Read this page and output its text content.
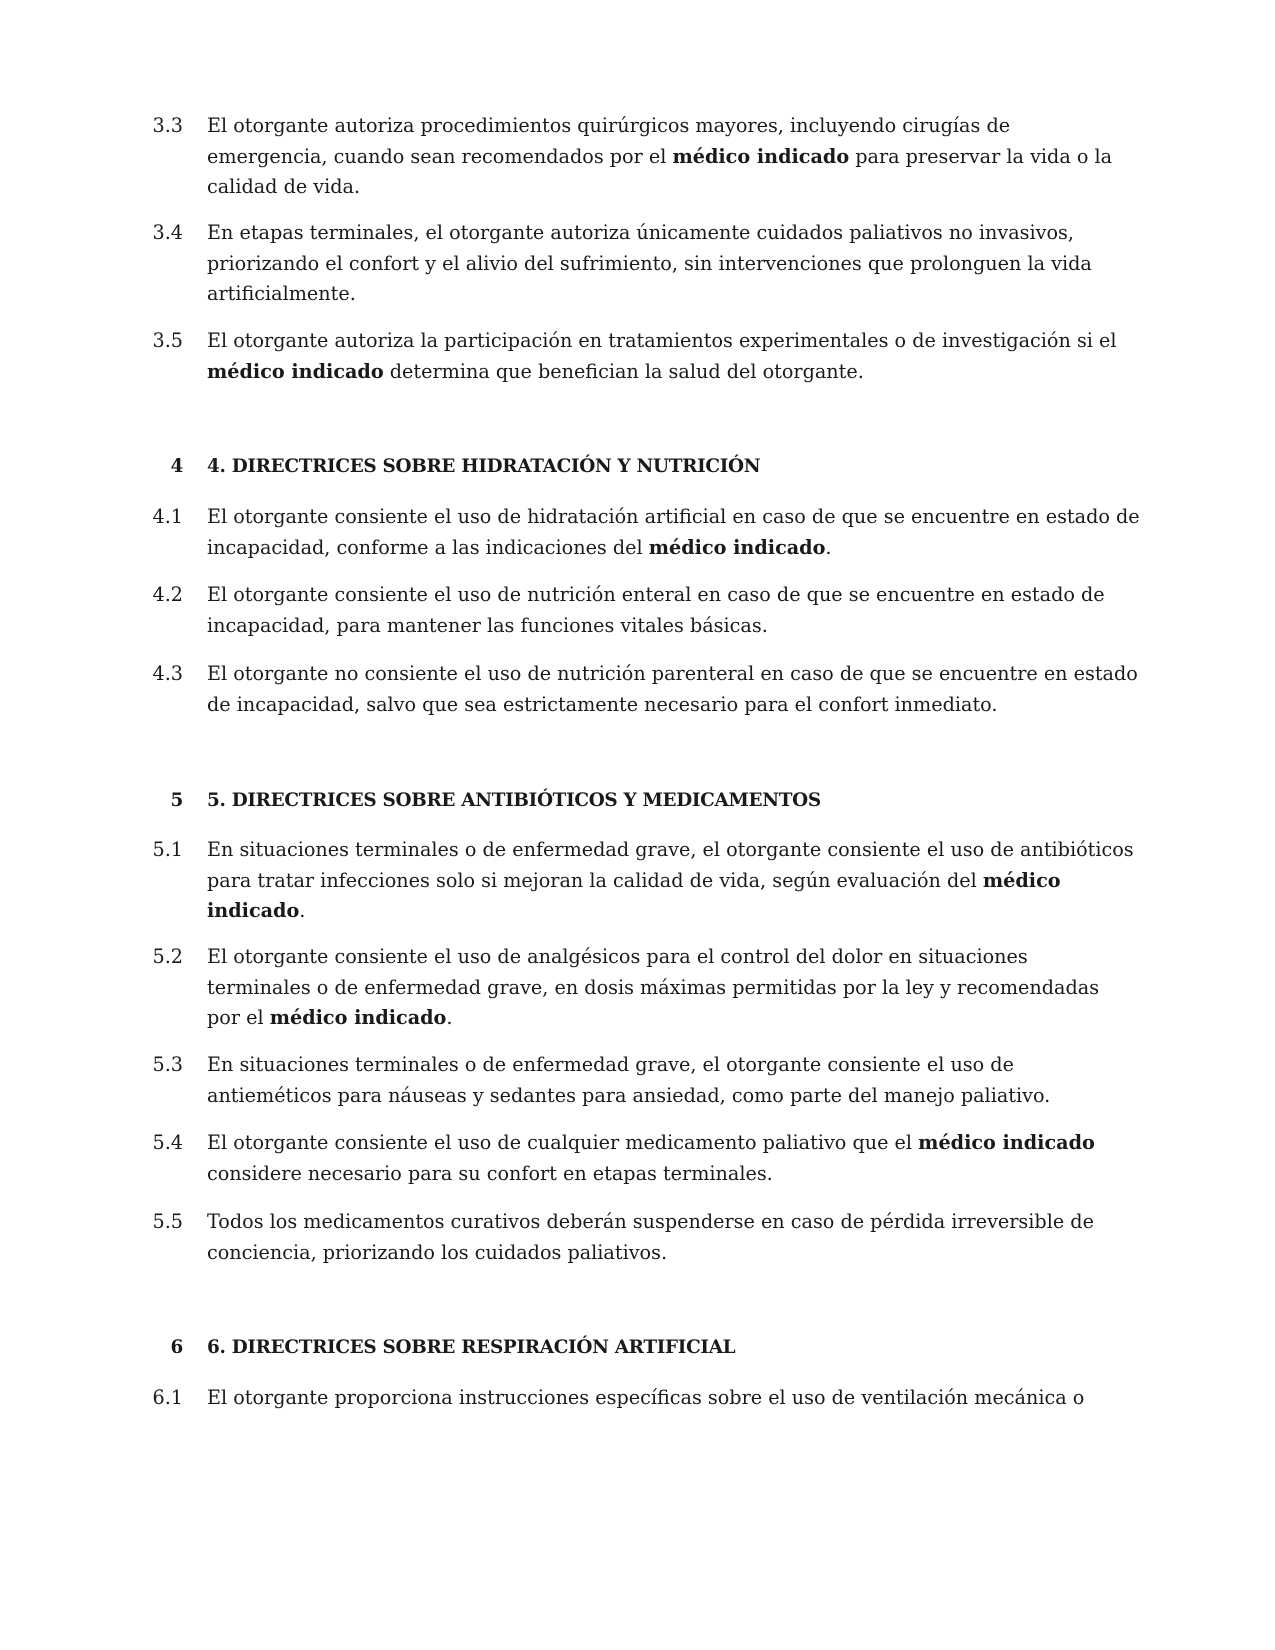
3.3 El otorgante autoriza procedimientos quirúrgicos mayores, incluyendo cirugías de
emergencia, cuando sean recomendados por el médico indicado para preservar la vida o la
calidad de vida.
3.4 En etapas terminales, el otorgante autoriza únicamente cuidados paliativos no invasivos,
priorizando el confort y el alivio del sufrimiento, sin intervenciones que prolonguen la vida
artificialmente.
3.5 El otorgante autoriza la participación en tratamientos experimentales o de investigación si el
médico indicado determina que benefician la salud del otorgante.
4 4. DIRECTRICES SOBRE HIDRATACIÓN Y NUTRICIÓN
4.1 El otorgante consiente el uso de hidratación artificial en caso de que se encuentre en estado de
incapacidad, conforme a las indicaciones del médico indicado.
4.2 El otorgante consiente el uso de nutrición enteral en caso de que se encuentre en estado de
incapacidad, para mantener las funciones vitales básicas.
4.3 El otorgante no consiente el uso de nutrición parenteral en caso de que se encuentre en estado
de incapacidad, salvo que sea estrictamente necesario para el confort inmediato.
5 5. DIRECTRICES SOBRE ANTIBIÓTICOS Y MEDICAMENTOS
5.1 En situaciones terminales o de enfermedad grave, el otorgante consiente el uso de antibióticos
para tratar infecciones solo si mejoran la calidad de vida, según evaluación del médico
indicado.
5.2 El otorgante consiente el uso de analgésicos para el control del dolor en situaciones
terminales o de enfermedad grave, en dosis máximas permitidas por la ley y recomendadas
por el médico indicado.
5.3 En situaciones terminales o de enfermedad grave, el otorgante consiente el uso de
antieméticos para náuseas y sedantes para ansiedad, como parte del manejo paliativo.
5.4 El otorgante consiente el uso de cualquier medicamento paliativo que el médico indicado
considere necesario para su confort en etapas terminales.
5.5 Todos los medicamentos curativos deberán suspenderse en caso de pérdida irreversible de
conciencia, priorizando los cuidados paliativos.
6 6. DIRECTRICES SOBRE RESPIRACIÓN ARTIFICIAL
6.1 El otorgante proporciona instrucciones específicas sobre el uso de ventilación mecánica o
